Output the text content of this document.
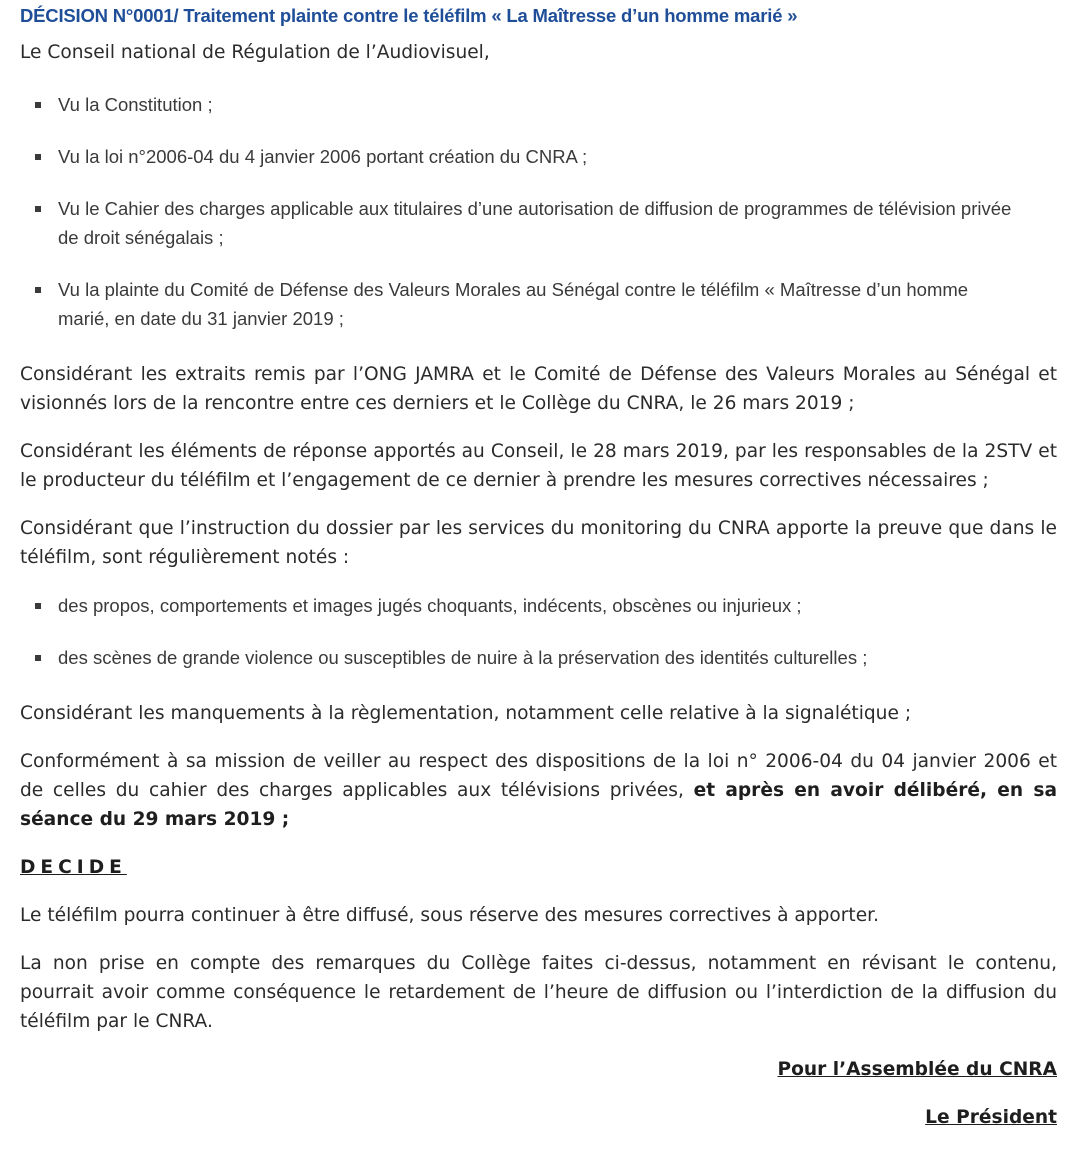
DÉCISION N°0001/ Traitement plainte contre le téléfilm « La Maîtresse d’un homme marié »

Le Conseil national de Régulation de l’Audiovisuel,

Vu la Constitution ;
Vu la loi n°2006-04 du 4 janvier 2006 portant création du CNRA ;
Vu le Cahier des charges applicable aux titulaires d’une autorisation de diffusion de programmes de télévision privée de droit sénégalais ;
Vu la plainte du Comité de Défense des Valeurs Morales au Sénégal contre le téléfilm « Maîtresse d’un homme marié, en date du 31 janvier 2019 ;

Considérant les extraits remis par l’ONG JAMRA et le Comité de Défense des Valeurs Morales au Sénégal et visionnés lors de la rencontre entre ces derniers et le Collège du CNRA, le 26 mars 2019 ;

Considérant les éléments de réponse apportés au Conseil, le 28 mars 2019, par les responsables de la 2STV et le producteur du téléfilm et l’engagement de ce dernier à prendre les mesures correctives nécessaires ;

Considérant que l’instruction du dossier par les services du monitoring du CNRA apporte la preuve que dans le téléfilm, sont régulièrement notés :

des propos, comportements et images jugés choquants, indécents, obscènes ou injurieux ;
des scènes de grande violence ou susceptibles de nuire à la préservation des identités culturelles ;

Considérant les manquements à la règlementation, notamment celle relative à la signalétique ;

Conformément à sa mission de veiller au respect des dispositions de la loi n° 2006-04 du 04 janvier 2006 et de celles du cahier des charges applicables aux télévisions privées, et après en avoir délibéré, en sa séance du 29 mars 2019 ;

DECIDE

Le téléfilm pourra continuer à être diffusé, sous réserve des mesures correctives à apporter.

La non prise en compte des remarques du Collège faites ci-dessus, notamment en révisant le contenu, pourrait avoir comme conséquence le retardement de l’heure de diffusion ou l’interdiction de la diffusion du téléfilm par le CNRA.

Pour l’Assemblée du CNRA

Le Président
